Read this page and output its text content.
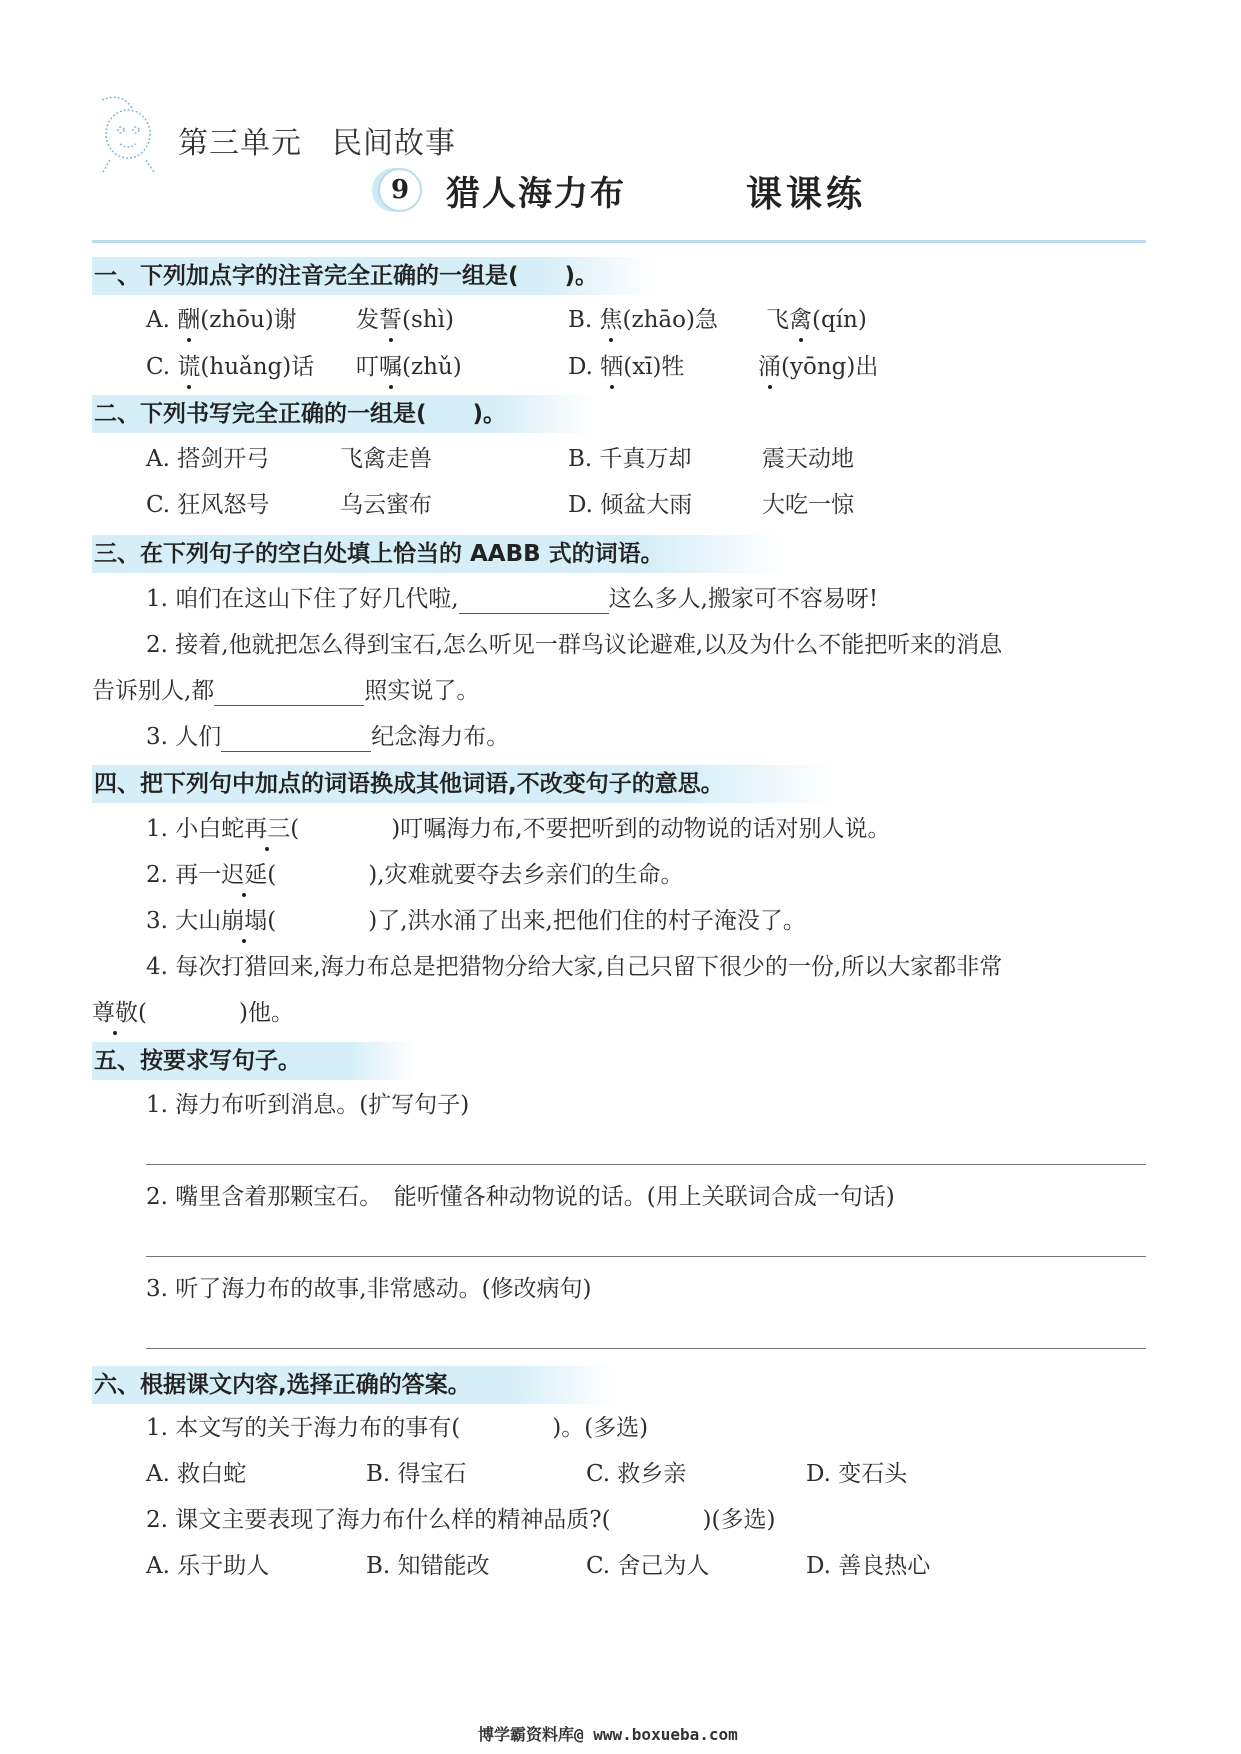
第三单元 民间故事
9	猎人海力布	课课练
一、下列加点字的注音完全正确的一组是(　　)。
A. 酬(zhōu)谢	发誓(shì)	B. 焦(zhāo)急 飞禽(qín)
C. 谎(huǎng)话 叮嘱(zhǔ)	D. 牺(xī)牲	涌(yōng)出
二、下列书写完全正确的一组是(　　)。
A. 搭剑开弓	飞禽走兽	B. 千真万却	震天动地
C. 狂风怒号	乌云蜜布	D. 倾盆大雨	大吃一惊
三、在下列句子的空白处填上恰当的 AABB 式的词语。
1. 咱们在这山下住了好几代啦,	这么多人,搬家可不容易呀!
2. 接着,他就把怎么得到宝石,怎么听见一群鸟议论避难,以及为什么不能把听来的消息
告诉别人,都	照实说了。
3. 人们	纪念海力布。
四、把下列句中加点的词语换成其他词语,不改变句子的意思。
1. 小白蛇再三(　　　　)叮嘱海力布,不要把听到的动物说的话对别人说。
2. 再一迟延(　　　　),灾难就要夺去乡亲们的生命。
3. 大山崩塌(　　　　)了,洪水涌了出来,把他们住的村子淹没了。
4. 每次打猎回来,海力布总是把猎物分给大家,自己只留下很少的一份,所以大家都非常
尊敬(　　　　)他。
五、按要求写句子。
1. 海力布听到消息。(扩写句子)
2. 嘴里含着那颗宝石。　能听懂各种动物说的话。(用上关联词合成一句话)
3. 听了海力布的故事,非常感动。(修改病句)
六、根据课文内容,选择正确的答案。
1. 本文写的关于海力布的事有(　　　　)。(多选)
A. 救白蛇	B. 得宝石	C. 救乡亲	D. 变石头
2. 课文主要表现了海力布什么样的精神品质?(　　　　)(多选)
A. 乐于助人	B. 知错能改	C. 舍己为人	D. 善良热心
博学霸资料库@ www.boxueba.com
